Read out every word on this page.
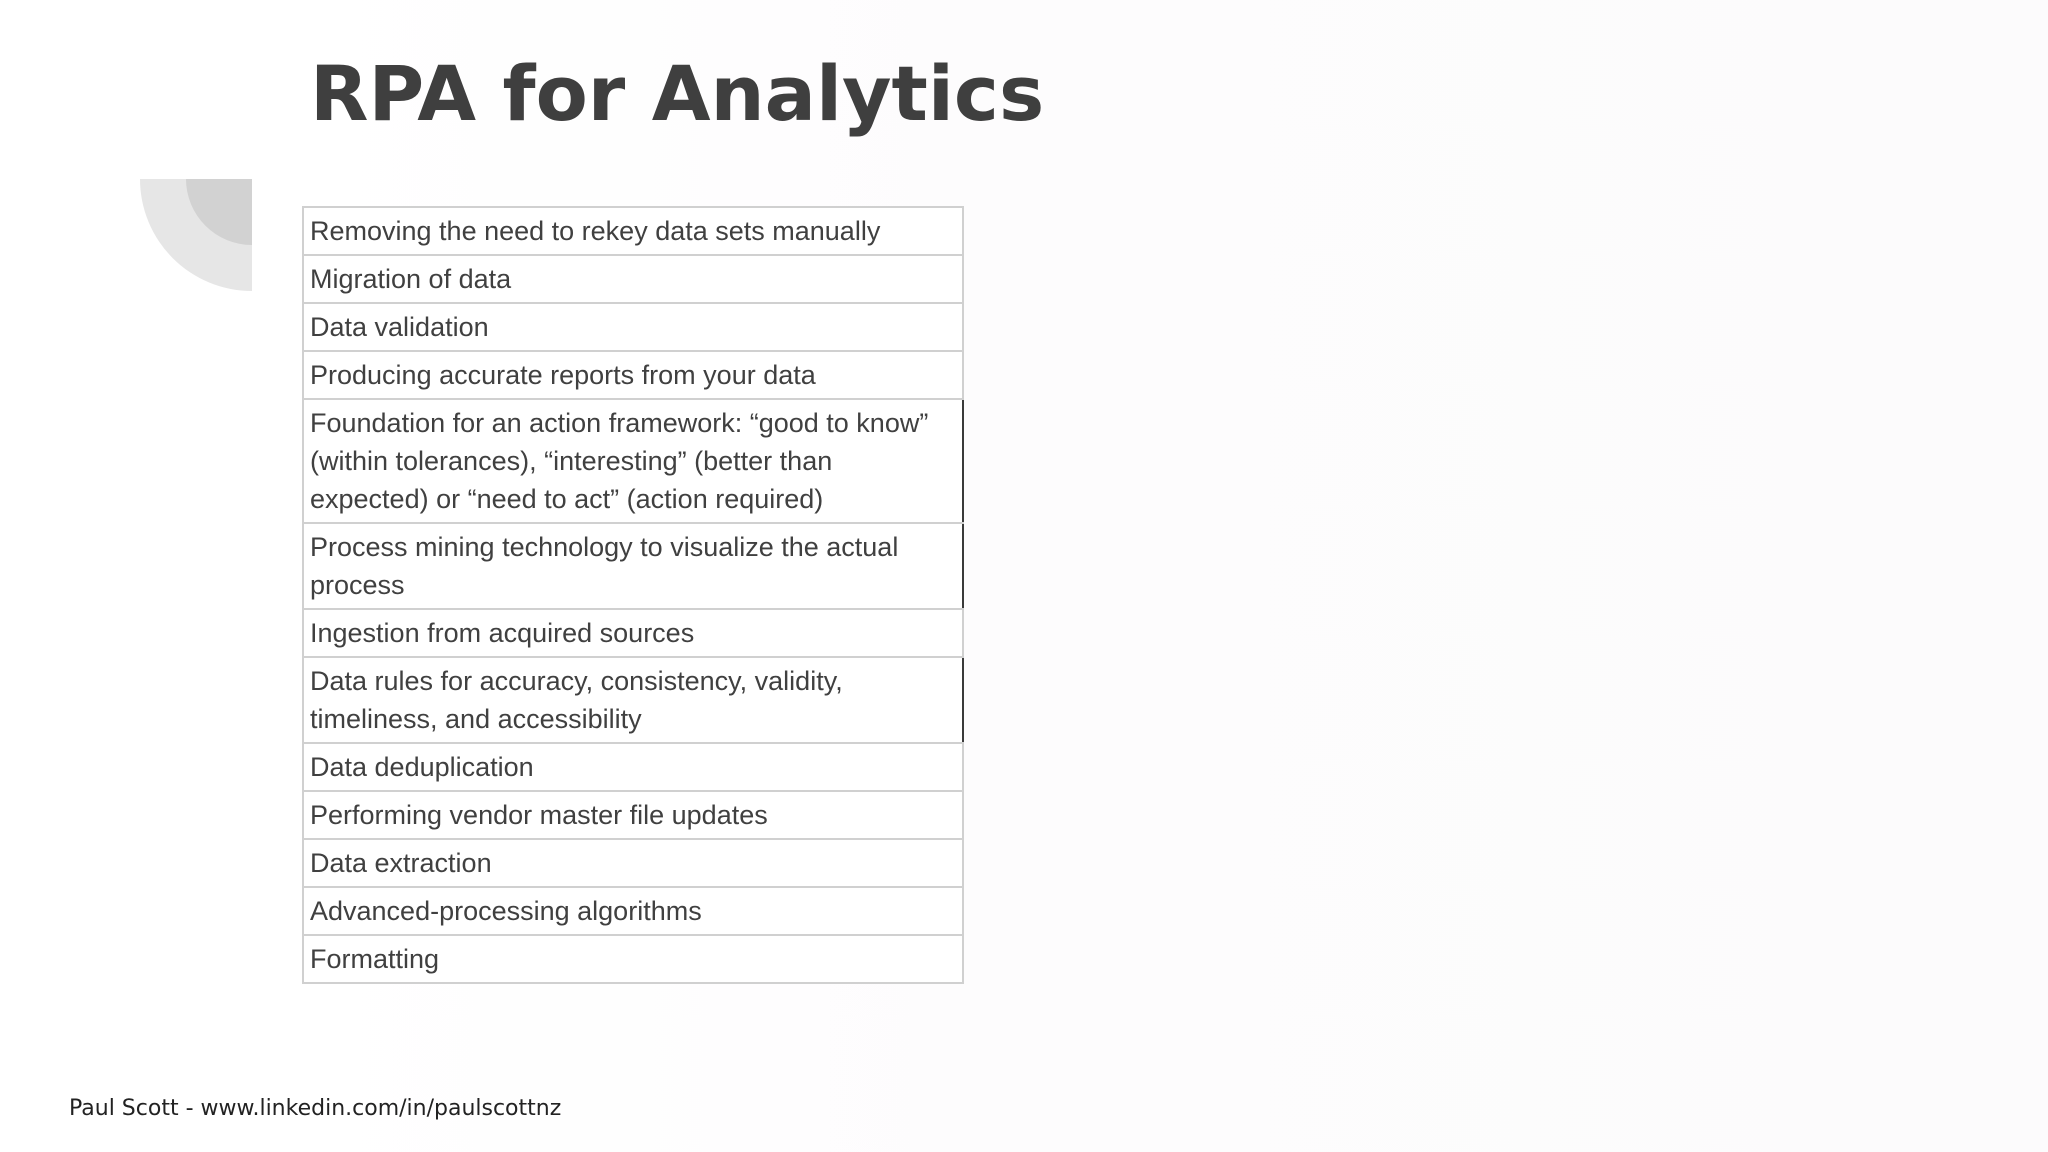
RPA for Analytics
Removing the need to rekey data sets manually
Migration of data
Data validation
Producing accurate reports from your data
Foundation for an action framework: “good to know” (within tolerances), “interesting” (better than expected) or “need to act” (action required)
Process mining technology to visualize the actual process
Ingestion from acquired sources
Data rules for accuracy, consistency, validity, timeliness, and accessibility
Data deduplication
Performing vendor master file updates
Data extraction
Advanced-processing algorithms
Formatting
Paul Scott - www.linkedin.com/in/paulscottnz
